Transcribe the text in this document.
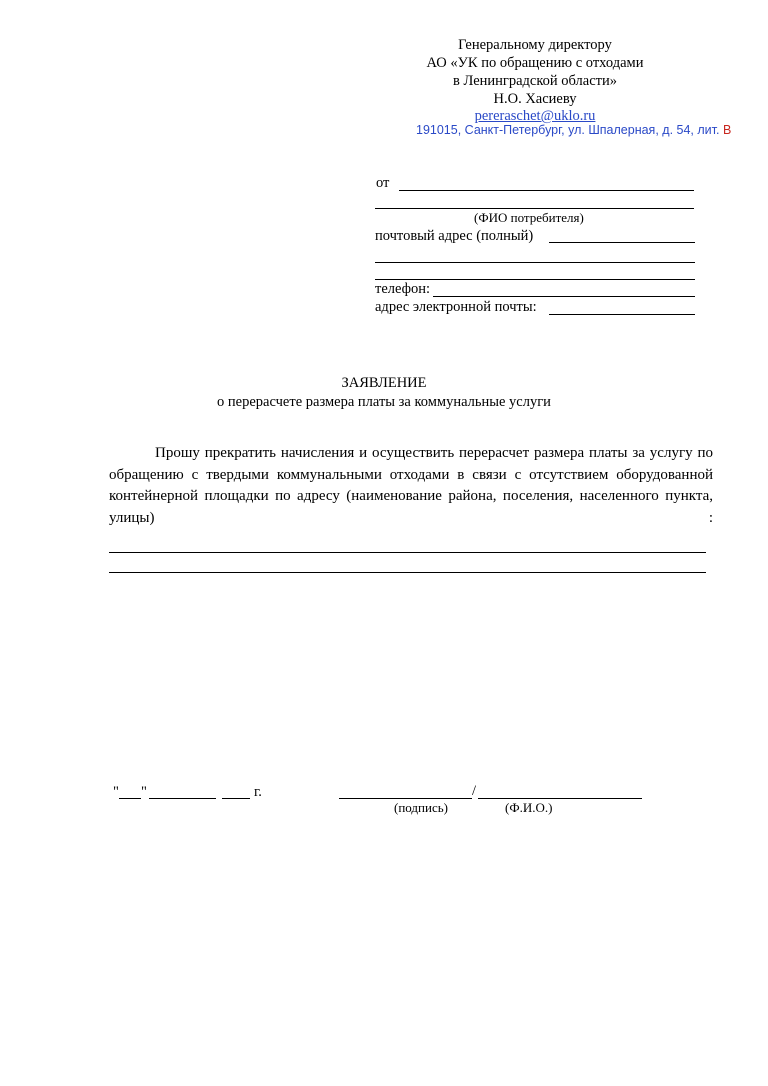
Генеральному директору
АО «УК по обращению с отходами
в Ленинградской области»
Н.О. Хасиеву
pereraschet@uklo.ru
191015, Санкт-Петербург, ул. Шпалерная, д. 54, лит. В
от
(ФИО потребителя)
почтовый адрес (полный)
телефон:
адрес электронной почты:
ЗАЯВЛЕНИЕ
о перерасчете размера платы за коммунальные услуги
Прошу прекратить начисления и осуществить перерасчет размера платы за услугу по обращению с твердыми коммунальными отходами в связи с отсутствием оборудованной контейнерной площадки по адресу (наименование района, поселения, населенного пункта, улицы) :
" "	г.	/
(подпись)	(Ф.И.О.)
